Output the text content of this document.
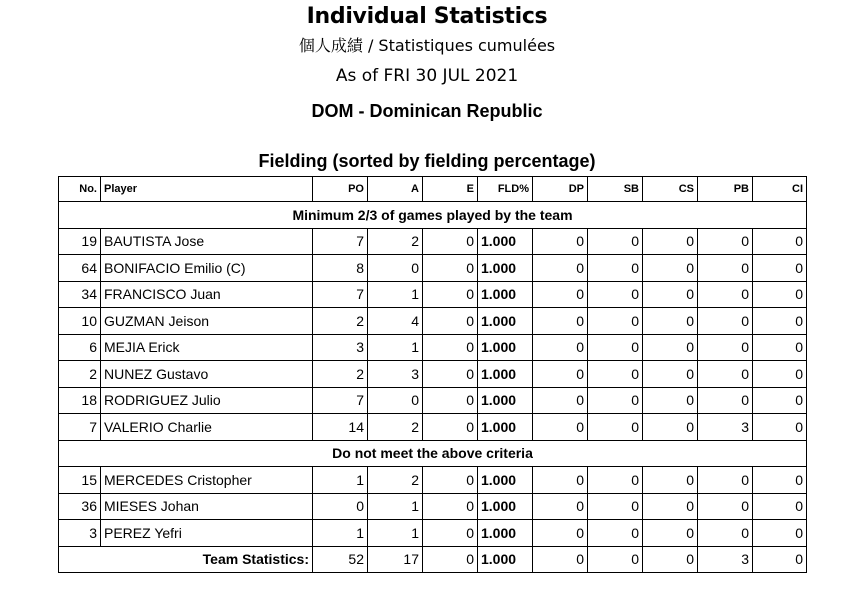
Individual Statistics
個人成績 / Statistiques cumulées
As of FRI 30 JUL 2021
DOM - Dominican Republic
Fielding (sorted by fielding percentage)
No.	Player	PO	A	E	FLD%	DP	SB	CS	PB	CI
Minimum 2/3 of games played by the team										
19	BAUTISTA Jose	7	2	0	1.000	0	0	0	0	0
64	BONIFACIO Emilio (C)	8	0	0	1.000	0	0	0	0	0
34	FRANCISCO Juan	7	1	0	1.000	0	0	0	0	0
10	GUZMAN Jeison	2	4	0	1.000	0	0	0	0	0
6	MEJIA Erick	3	1	0	1.000	0	0	0	0	0
2	NUNEZ Gustavo	2	3	0	1.000	0	0	0	0	0
18	RODRIGUEZ Julio	7	0	0	1.000	0	0	0	0	0
7	VALERIO Charlie	14	2	0	1.000	0	0	0	3	0
Do not meet the above criteria										
15	MERCEDES Cristopher	1	2	0	1.000	0	0	0	0	0
36	MIESES Johan	0	1	0	1.000	0	0	0	0	0
3	PEREZ Yefri	1	1	0	1.000	0	0	0	0	0
Team Statistics:		52	17	0	1.000	0	0	0	3	0
